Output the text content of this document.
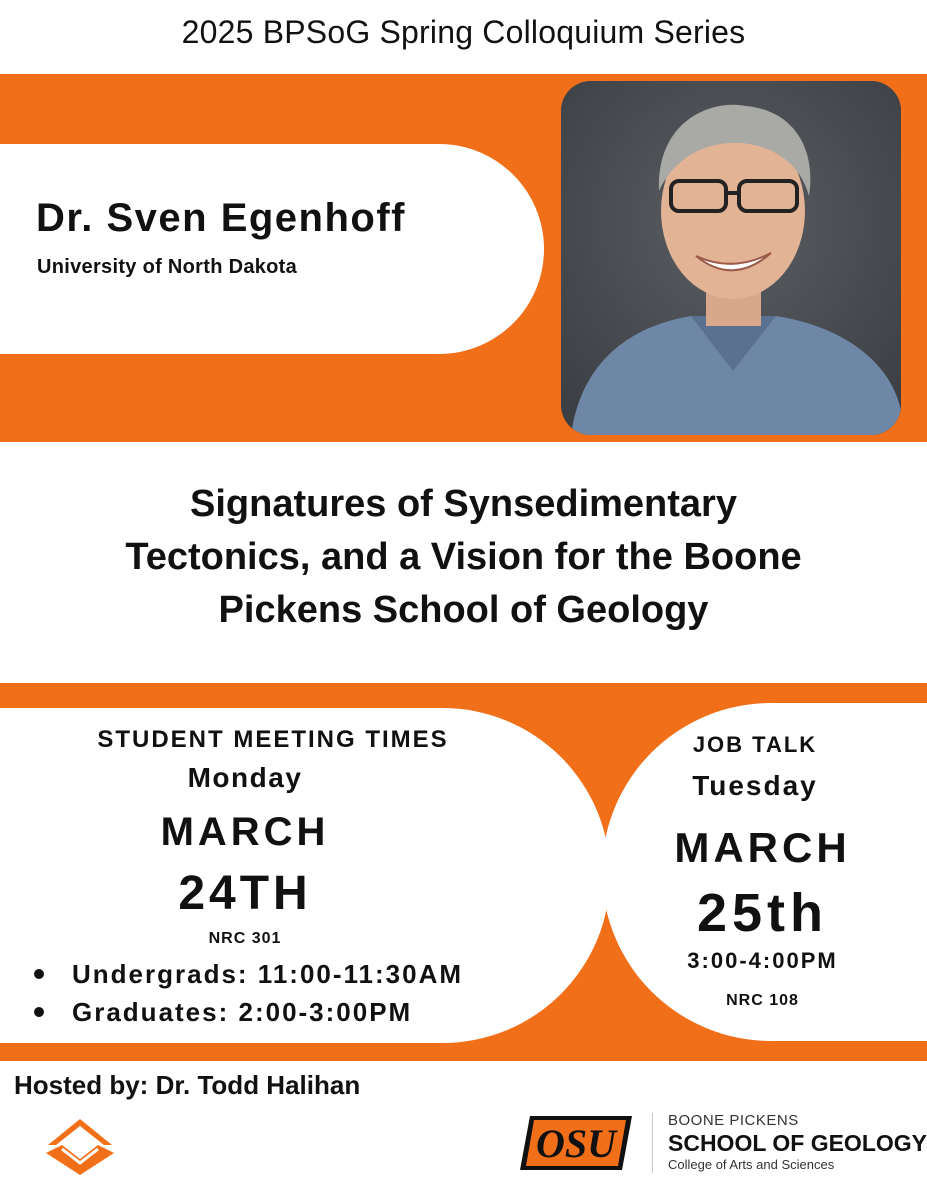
2025 BPSoG Spring Colloquium Series
Dr. Sven Egenhoff
University of North Dakota
Signatures of Synsedimentary
Tectonics, and a Vision for the Boone
Pickens School of Geology
STUDENT MEETING TIMES
Monday
MARCH
24TH
NRC 301
Undergrads: 11:00-11:30AM
Graduates: 2:00-3:00PM
JOB TALK
Tuesday
MARCH
25th
3:00-4:00PM
NRC 108
Hosted by: Dr. Todd Halihan
OSU
BOONE PICKENS
SCHOOL OF GEOLOGY
College of Arts and Sciences
